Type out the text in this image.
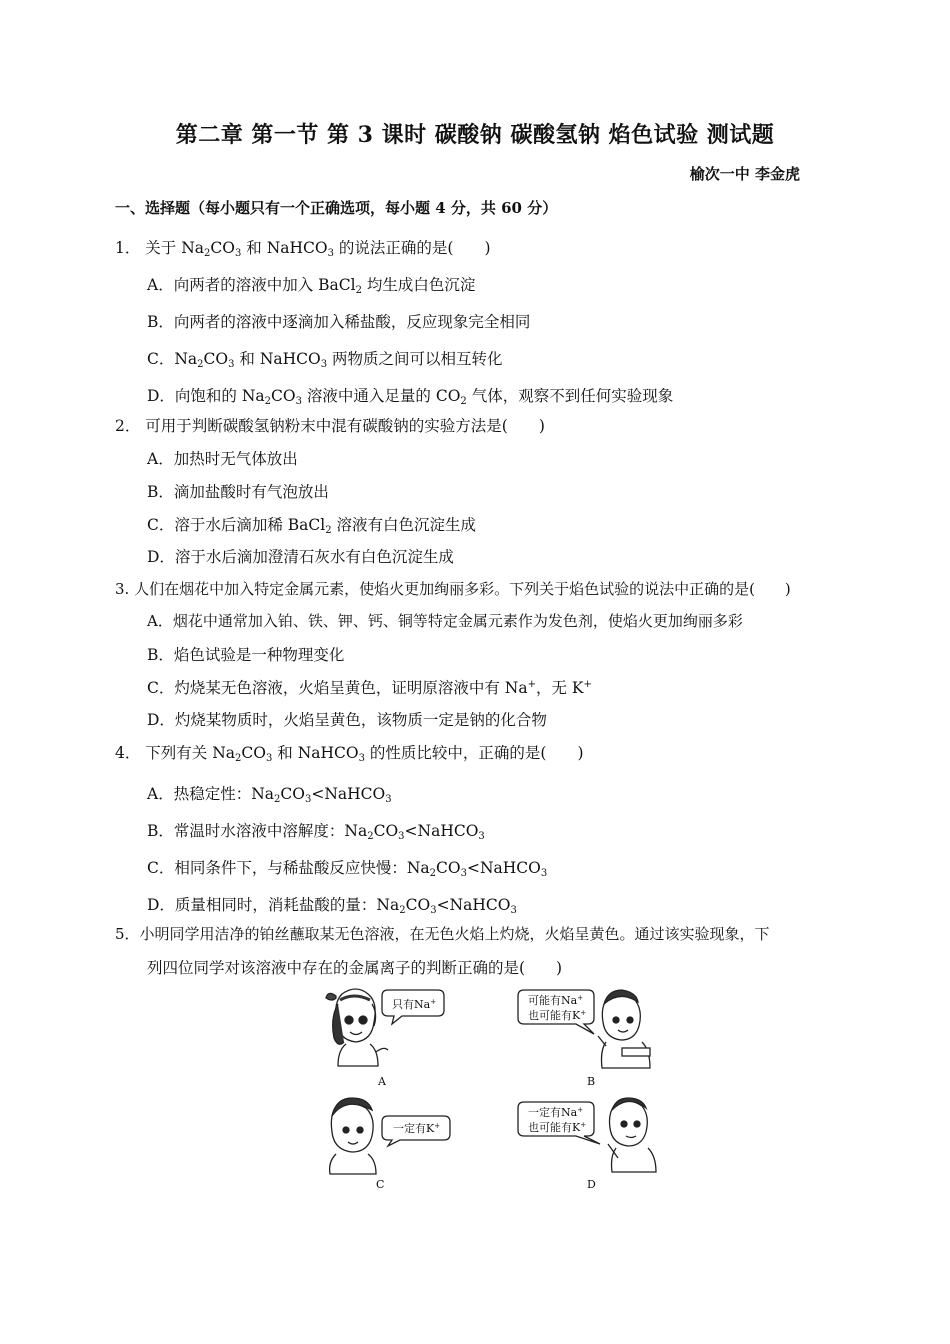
第二章 第一节 第 3 课时 碳酸钠 碳酸氢钠 焰色试验 测试题
榆次一中 李金虎
一、选择题（每小题只有一个正确选项，每小题 4 分，共 60 分）
1． 关于 $Na_2CO_3$ 和 NaHCO$_3$ 的说法正确的是(　　)
A．向两者的溶液中加入 BaCl$_2$ 均生成白色沉淀
B．向两者的溶液中逐滴加入稀盐酸，反应现象完全相同
C．$Na_2CO_3$ 和 NaHCO$_3$ 两物质之间可以相互转化
D．向饱和的 $Na_2CO_3$ 溶液中通入足量的 $CO_2$ 气体，观察不到任何实验现象
2． 可用于判断碳酸氢钠粉末中混有碳酸钠的实验方法是(　　)
A．加热时无气体放出
B．滴加盐酸时有气泡放出
C．溶于水后滴加稀 BaCl$_2$ 溶液有白色沉淀生成
D．溶于水后滴加澄清石灰水有白色沉淀生成
3. 人们在烟花中加入特定金属元素，使焰火更加绚丽多彩。下列关于焰色试验的说法中正确的是(　　)
A．烟花中通常加入铂、铁、钾、钙、铜等特定金属元素作为发色剂，使焰火更加绚丽多彩
B．焰色试验是一种物理变化
C．灼烧某无色溶液，火焰呈黄色，证明原溶液中有 Na+，无 K+
D．灼烧某物质时，火焰呈黄色，该物质一定是钠的化合物
4． 下列有关 $Na_2CO_3$ 和 NaHCO$_3$ 的性质比较中，正确的是(　　)
A．热稳定性：$Na_2CO_3<NaHCO_3$
B．常温时水溶液中溶解度：$Na_2CO_3<NaHCO_3$
C．相同条件下，与稀盐酸反应快慢：$Na_2CO_3<NaHCO_3$
D．质量相同时，消耗盐酸的量：$Na_2CO_3<NaHCO_3$
5．小明同学用洁净的铂丝蘸取某无色溶液，在无色火焰上灼烧，火焰呈黄色。通过该实验现象，下
列四位同学对该溶液中存在的金属离子的判断正确的是(　　)
只有Na+
A
可能有Na+
也可能有K+
B
一定有K+
C
一定有Na+
也可能有K+
D
